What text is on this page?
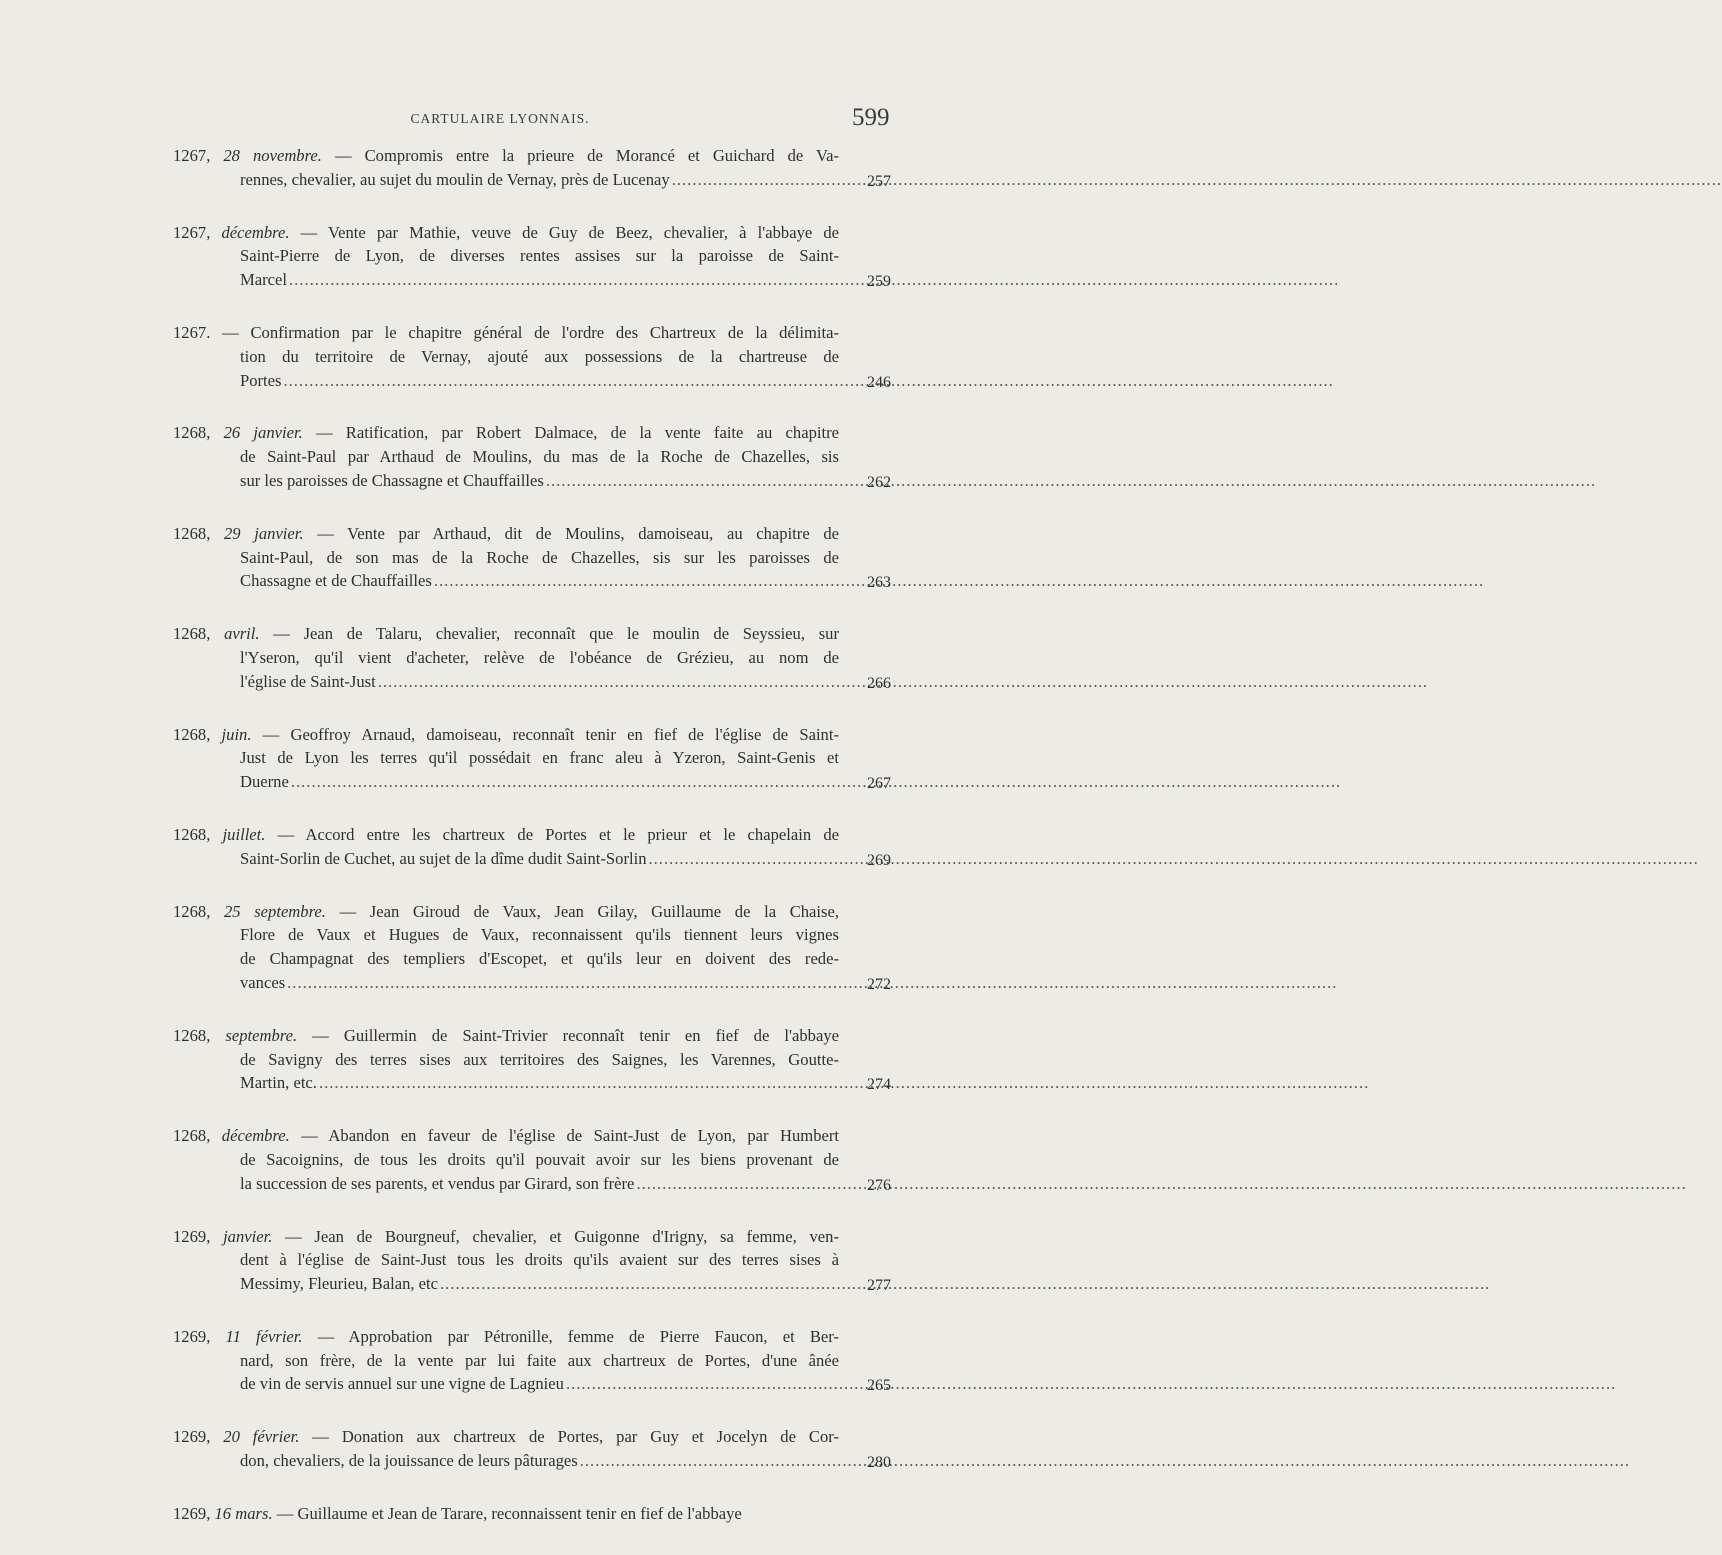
CARTULAIRE LYONNAIS.	599
1267, 28 novembre. — Compromis entre la prieure de Morancé et Guichard de Va-
rennes, chevalier, au sujet du moulin de Vernay, près de Lucenay .....	257
1267, décembre. — Vente par Mathie, veuve de Guy de Beez, chevalier, à l'abbaye de
Saint-Pierre de Lyon, de diverses rentes assises sur la paroisse de Saint-
Marcel .....	259
1267. — Confirmation par le chapitre général de l'ordre des Chartreux de la délimita-
tion du territoire de Vernay, ajouté aux possessions de la chartreuse de
Portes .....	246
1268, 26 janvier. — Ratification, par Robert Dalmace, de la vente faite au chapitre
de Saint-Paul par Arthaud de Moulins, du mas de la Roche de Chazelles, sis
sur les paroisses de Chassagne et Chauffailles .....	262
1268, 29 janvier. — Vente par Arthaud, dit de Moulins, damoiseau, au chapitre de
Saint-Paul, de son mas de la Roche de Chazelles, sis sur les paroisses de
Chassagne et de Chauffailles .....	263
1268, avril. — Jean de Talaru, chevalier, reconnaît que le moulin de Seyssieu, sur
l'Yseron, qu'il vient d'acheter, relève de l'obéance de Grézieu, au nom de
l'église de Saint-Just .....	266
1268, juin. — Geoffroy Arnaud, damoiseau, reconnaît tenir en fief de l'église de Saint-
Just de Lyon les terres qu'il possédait en franc aleu à Yzeron, Saint-Genis et
Duerne .....	267
1268, juillet. — Accord entre les chartreux de Portes et le prieur et le chapelain de
Saint-Sorlin de Cuchet, au sujet de la dîme dudit Saint-Sorlin .....	269
1268, 25 septembre. — Jean Giroud de Vaux, Jean Gilay, Guillaume de la Chaise,
Flore de Vaux et Hugues de Vaux, reconnaissent qu'ils tiennent leurs vignes
de Champagnat des templiers d'Escopet, et qu'ils leur en doivent des rede-
vances .....	272
1268, septembre. — Guillermin de Saint-Trivier reconnaît tenir en fief de l'abbaye
de Savigny des terres sises aux territoires des Saignes, les Varennes, Goutte-
Martin, etc. .....	274
1268, décembre. — Abandon en faveur de l'église de Saint-Just de Lyon, par Humbert
de Sacoignins, de tous les droits qu'il pouvait avoir sur les biens provenant de
la succession de ses parents, et vendus par Girard, son frère .....	276
1269, janvier. — Jean de Bourgneuf, chevalier, et Guigonne d'Irigny, sa femme, ven-
dent à l'église de Saint-Just tous les droits qu'ils avaient sur des terres sises à
Messimy, Fleurieu, Balan, etc .....	277
1269, 11 février. — Approbation par Pétronille, femme de Pierre Faucon, et Ber-
nard, son frère, de la vente par lui faite aux chartreux de Portes, d'une ânée
de vin de servis annuel sur une vigne de Lagnieu .....	265
1269, 20 février. — Donation aux chartreux de Portes, par Guy et Jocelyn de Cor-
don, chevaliers, de la jouissance de leurs pâturages .....	280
1269, 16 mars. — Guillaume et Jean de Tarare, reconnaissent tenir en fief de l'abbaye
